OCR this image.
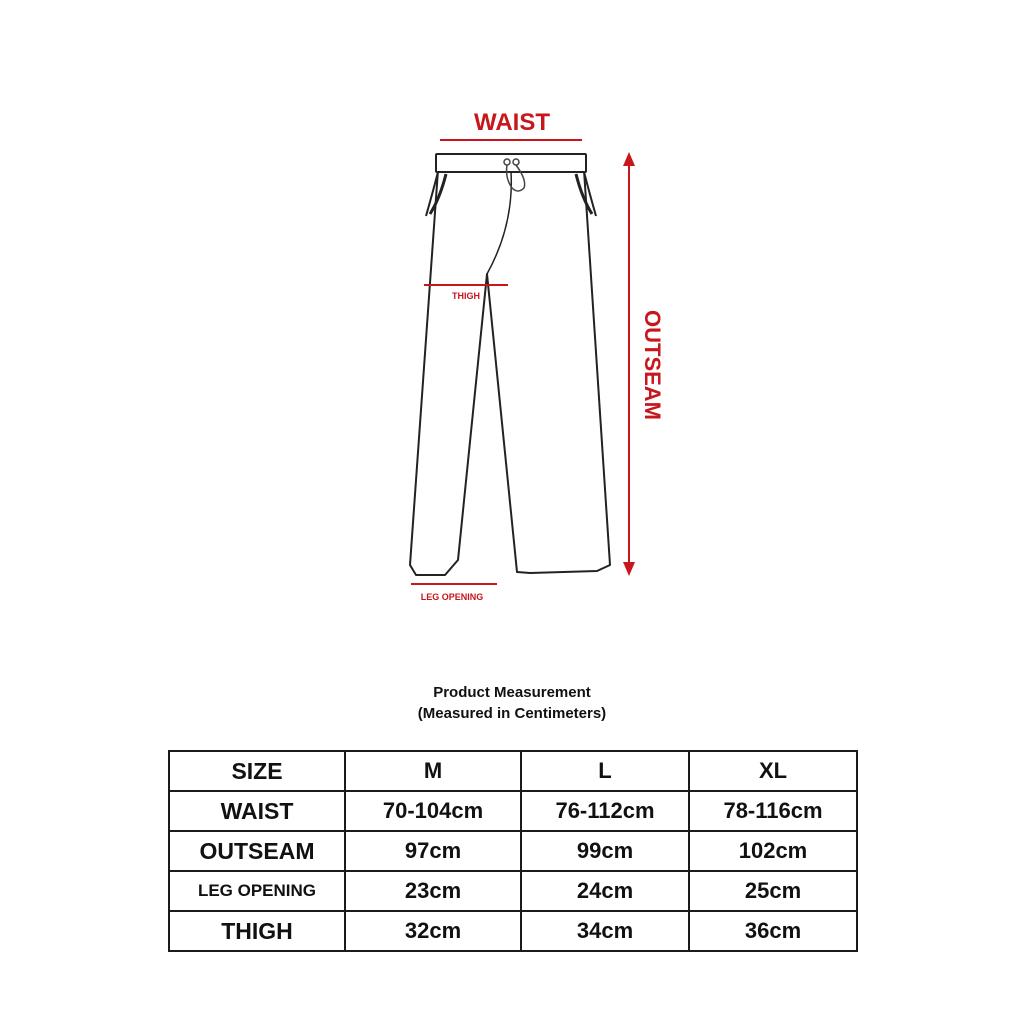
WAIST
THIGH
LEG OPENING
OUTSEAM
Product Measurement
(Measured in Centimeters)
SIZE	M	L	XL
WAIST	70-104cm	76-112cm	78-116cm
OUTSEAM	97cm	99cm	102cm
LEG OPENING	23cm	24cm	25cm
THIGH	32cm	34cm	36cm
